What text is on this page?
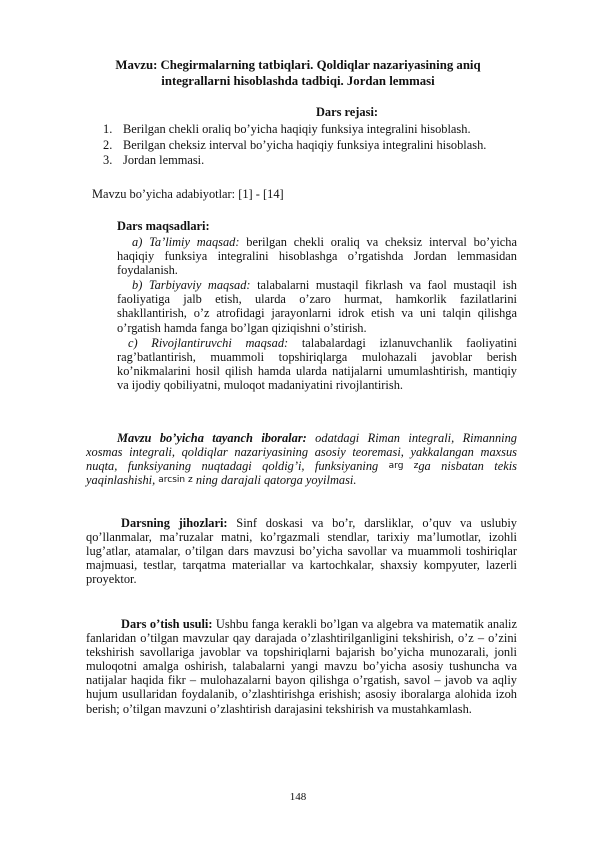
Mavzu: Chegirmalarning tatbiqlari. Qoldiqlar nazariyasining aniq
integrallarni hisoblashda tadbiqi. Jordan lemmasi
Dars rejasi:
1. Berilgan chekli oraliq bo’yicha haqiqiy funksiya integralini hisoblash.
2. Berilgan cheksiz interval bo’yicha haqiqiy funksiya integralini hisoblash.
3. Jordan lemmasi.
Mavzu bo’yicha adabiyotlar: [1] - [14]
Dars maqsadlari:

a) Ta’limiy maqsad: berilgan chekli oraliq va cheksiz interval bo’yicha haqiqiy funksiya integralini hisoblashga o’rgatishda Jordan lemmasidan foydalanish.

b) Tarbiyaviy maqsad: talabalarni mustaqil fikrlash va faol mustaqil ish faoliyatiga jalb etish, ularda o’zaro hurmat, hamkorlik fazilatlarini shakllantirish, o’z atrofidagi jarayonlarni idrok etish va uni talqin qilishga o’rgatish hamda fanga bo’lgan qiziqishni o’stirish.

c) Rivojlantiruvchi maqsad: talabalardagi izlanuvchanlik faoliyatini rag’batlantirish, muammoli topshiriqlarga mulohazali javoblar berish ko’nikmalarini hosil qilish hamda ularda natijalarni umumlashtirish, mantiqiy va ijodiy qobiliyatni, muloqot madaniyatini rivojlantirish.

Mavzu bo’yicha tayanch iboralar: odatdagi Riman integrali, Rimanning xosmas integrali, qoldiqlar nazariyasining asosiy teoremasi, yakkalangan maxsus nuqta, funksiyaning nuqtadagi qoldig’i, funksiyaning arg zga nisbatan tekis yaqinlashishi, arcsin z ning darajali qatorga yoyilmasi.

Darsning jihozlari: Sinf doskasi va bo’r, darsliklar, o’quv va uslubiy qo’llanmalar, ma’ruzalar matni, ko’rgazmali stendlar, tarixiy ma’lumotlar, izohli lug’atlar, atamalar, o’tilgan dars mavzusi bo’yicha savollar va muammoli toshiriqlar majmuasi, testlar, tarqatma materiallar va kartochkalar, shaxsiy kompyuter, lazerli proyektor.

Dars o’tish usuli: Ushbu fanga kerakli bo’lgan va algebra va matematik analiz fanlaridan o’tilgan mavzular qay darajada o’zlashtirilganligini tekshirish, o’z – o’zini tekshirish savollariga javoblar va topshiriqlarni bajarish bo’yicha munozarali, jonli muloqotni amalga oshirish, talabalarni yangi mavzu bo’yicha asosiy tushuncha va natijalar haqida fikr – mulohazalarni bayon qilishga o’rgatish, savol – javob va aqliy hujum usullaridan foydalanib, o’zlashtirishga erishish; asosiy iboralarga alohida izoh berish; o’tilgan mavzuni o’zlashtirish darajasini tekshirish va mustahkamlash.

148
